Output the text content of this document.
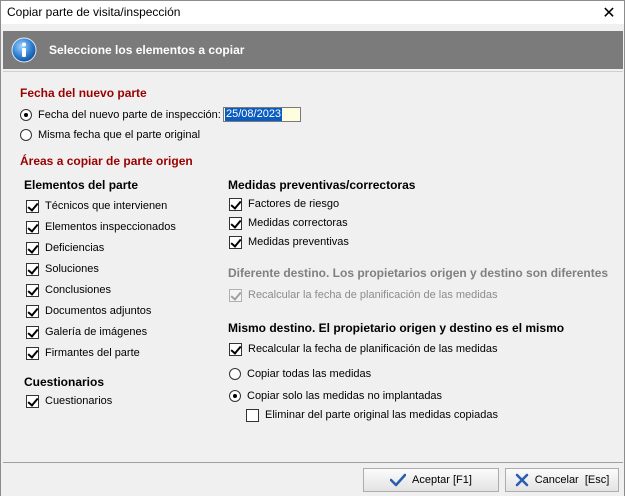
Copiar parte de visita/inspección	✕
Seleccione los elementos a copiar
Fecha del nuevo parte
Fecha del nuevo parte de inspección: 25/08/2023
Misma fecha que el parte original
Áreas a copiar de parte origen
Elementos del parte
Técnicos que intervienen
Elementos inspeccionados
Deficiencias
Soluciones
Conclusiones
Documentos adjuntos
Galería de imágenes
Firmantes del parte
Cuestionarios
Cuestionarios
Medidas preventivas/correctoras
Factores de riesgo
Medidas correctoras
Medidas preventivas
Diferente destino. Los propietarios origen y destino son diferentes
Recalcular la fecha de planificación de las medidas
Mismo destino. El propietario origen y destino es el mismo
Recalcular la fecha de planificación de las medidas
Copiar todas las medidas
Copiar solo las medidas no implantadas
Eliminar del parte original las medidas copiadas
Aceptar [F1]	Cancelar  [Esc]
